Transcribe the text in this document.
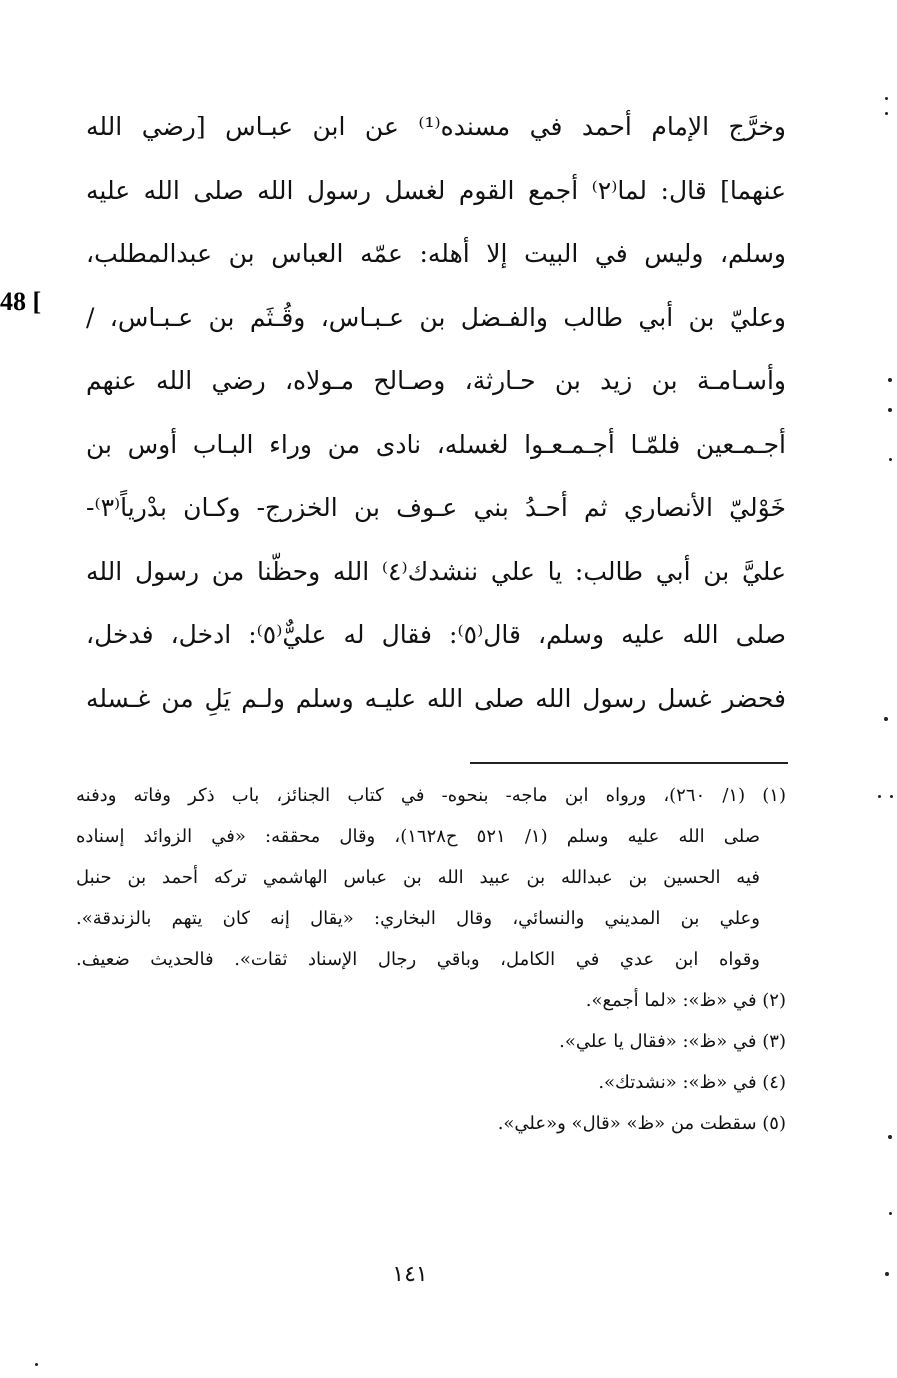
48 [
وخرَّج الإمام أحمد في مسنده⁽¹⁾ عن ابن عبـاس [رضي الله
عنهما] قال: لما⁽٢⁾ أجمع القوم لغسل رسول الله صلى الله عليه
وسلم، وليس في البيت إلا أهله: عمّه العباس بن عبدالمطلب،
وعليّ بن أبي طالب والفـضل بن عـبـاس، وقُـثَم بن عـبـاس، /
وأسـامـة بن زيد بن حـارثة، وصـالح مـولاه، رضي الله عنهم
أجـمـعين فلمّـا أجـمـعـوا لغسله، نادى من وراء البـاب أوس بن
خَوْليّ الأنصاري ثم أحـدُ بني عـوف بن الخزرج- وكـان بدْرياً⁽٣⁾-
عليَّ بن أبي طالب: يا علي ننشدك⁽٤⁾ الله وحظّنا من رسول الله
صلى الله عليه وسلم، قال⁽٥⁾: فقال له عليٌّ⁽٥⁾: ادخل، فدخل،
فحضر غسل رسول الله صلى الله عليـه وسلم ولـم يَلِ من غـسله
(١) (١/ ٢٦٠)، ورواه ابن ماجه- بنحوه- في كتاب الجنائز، باب ذكر وفاته ودفنه
صلى الله عليه وسلم (١/ ٥٢١ ح١٦٢٨)، وقال محققه: «في الزوائد إسناده
فيه الحسين بن عبدالله بن عبيد الله بن عباس الهاشمي تركه أحمد بن حنبل
وعلي بن المديني والنسائي، وقال البخاري: «يقال إنه كان يتهم بالزندقة».
وقواه ابن عدي في الكامل، وباقي رجال الإسناد ثقات». فالحديث ضعيف.
(٢) في «ظ»: «لما أجمع».
(٣) في «ظ»: «فقال يا علي».
(٤) في «ظ»: «نشدتك».
(٥) سقطت من «ظ» «قال» و«علي».
١٤١
